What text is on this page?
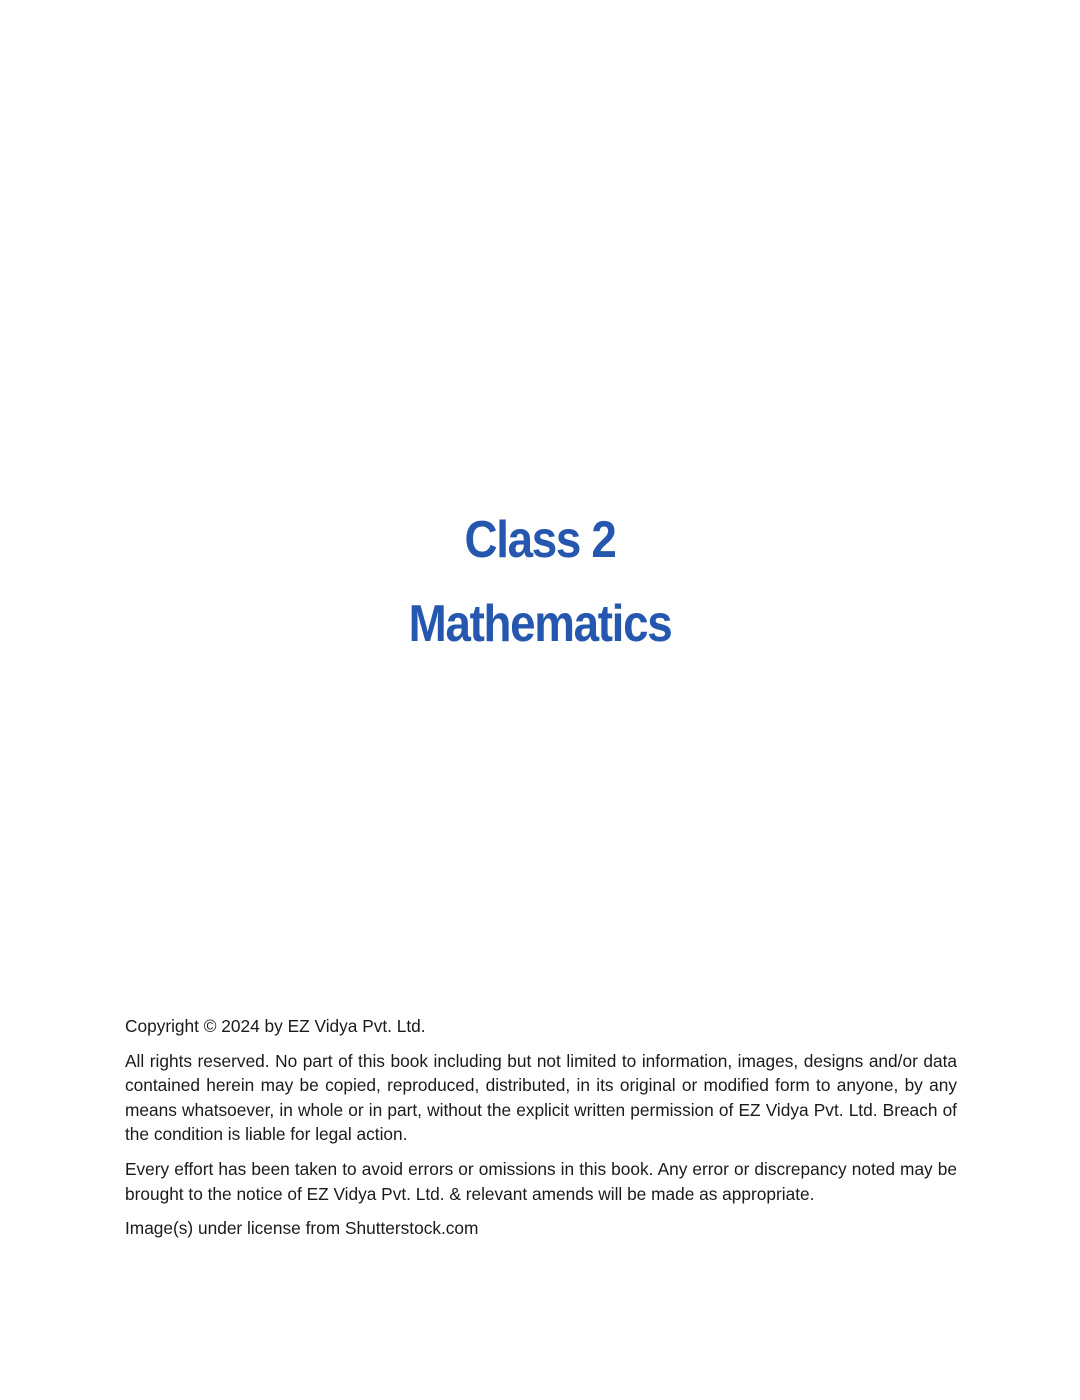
Class 2
Mathematics

Copyright © 2024 by EZ Vidya Pvt. Ltd.

All rights reserved. No part of this book including but not limited to information, images, designs and/or data contained herein may be copied, reproduced, distributed, in its original or modified form to anyone, by any means whatsoever, in whole or in part, without the explicit written permission of EZ Vidya Pvt. Ltd. Breach of the condition is liable for legal action.

Every effort has been taken to avoid errors or omissions in this book. Any error or discrepancy noted may be brought to the notice of EZ Vidya Pvt. Ltd. & relevant amends will be made as appropriate.

Image(s) under license from Shutterstock.com
